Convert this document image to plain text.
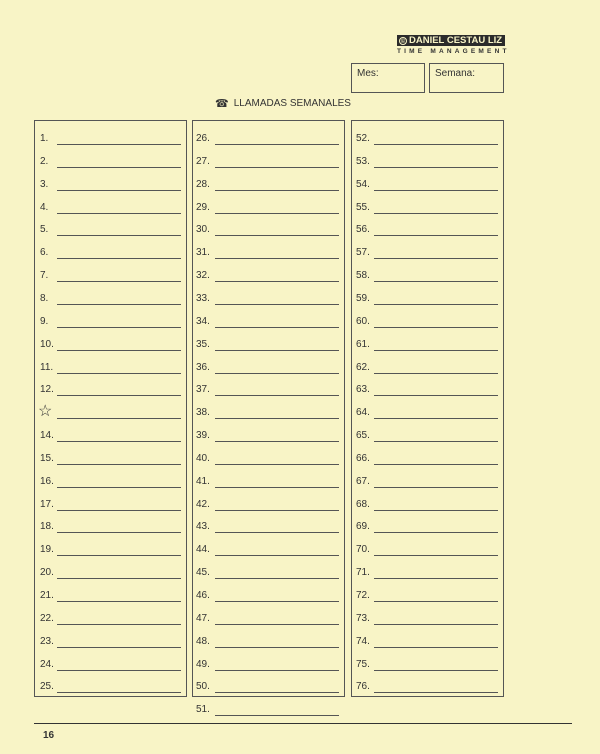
© DANIEL CESTAU LIZ
TIME MANAGEMENT
Mes:	Semana:
☎ LLAMADAS SEMANALES
1.
2.
3.
4.
5.
6.
7.
8.
9.
10.
11.
12.
☆
14.
15.
16.
17.
18.
19.
20.
21.
22.
23.
24.
25.
26.
27.
28.
29.
30.
31.
32.
33.
34.
35.
36.
37.
38.
39.
40.
41.
42.
43.
44.
45.
46.
47.
48.
49.
50.
51.
52.
53.
54.
55.
56.
57.
58.
59.
60.
61.
62.
63.
64.
65.
66.
67.
68.
69.
70.
71.
72.
73.
74.
75.
76.
16
